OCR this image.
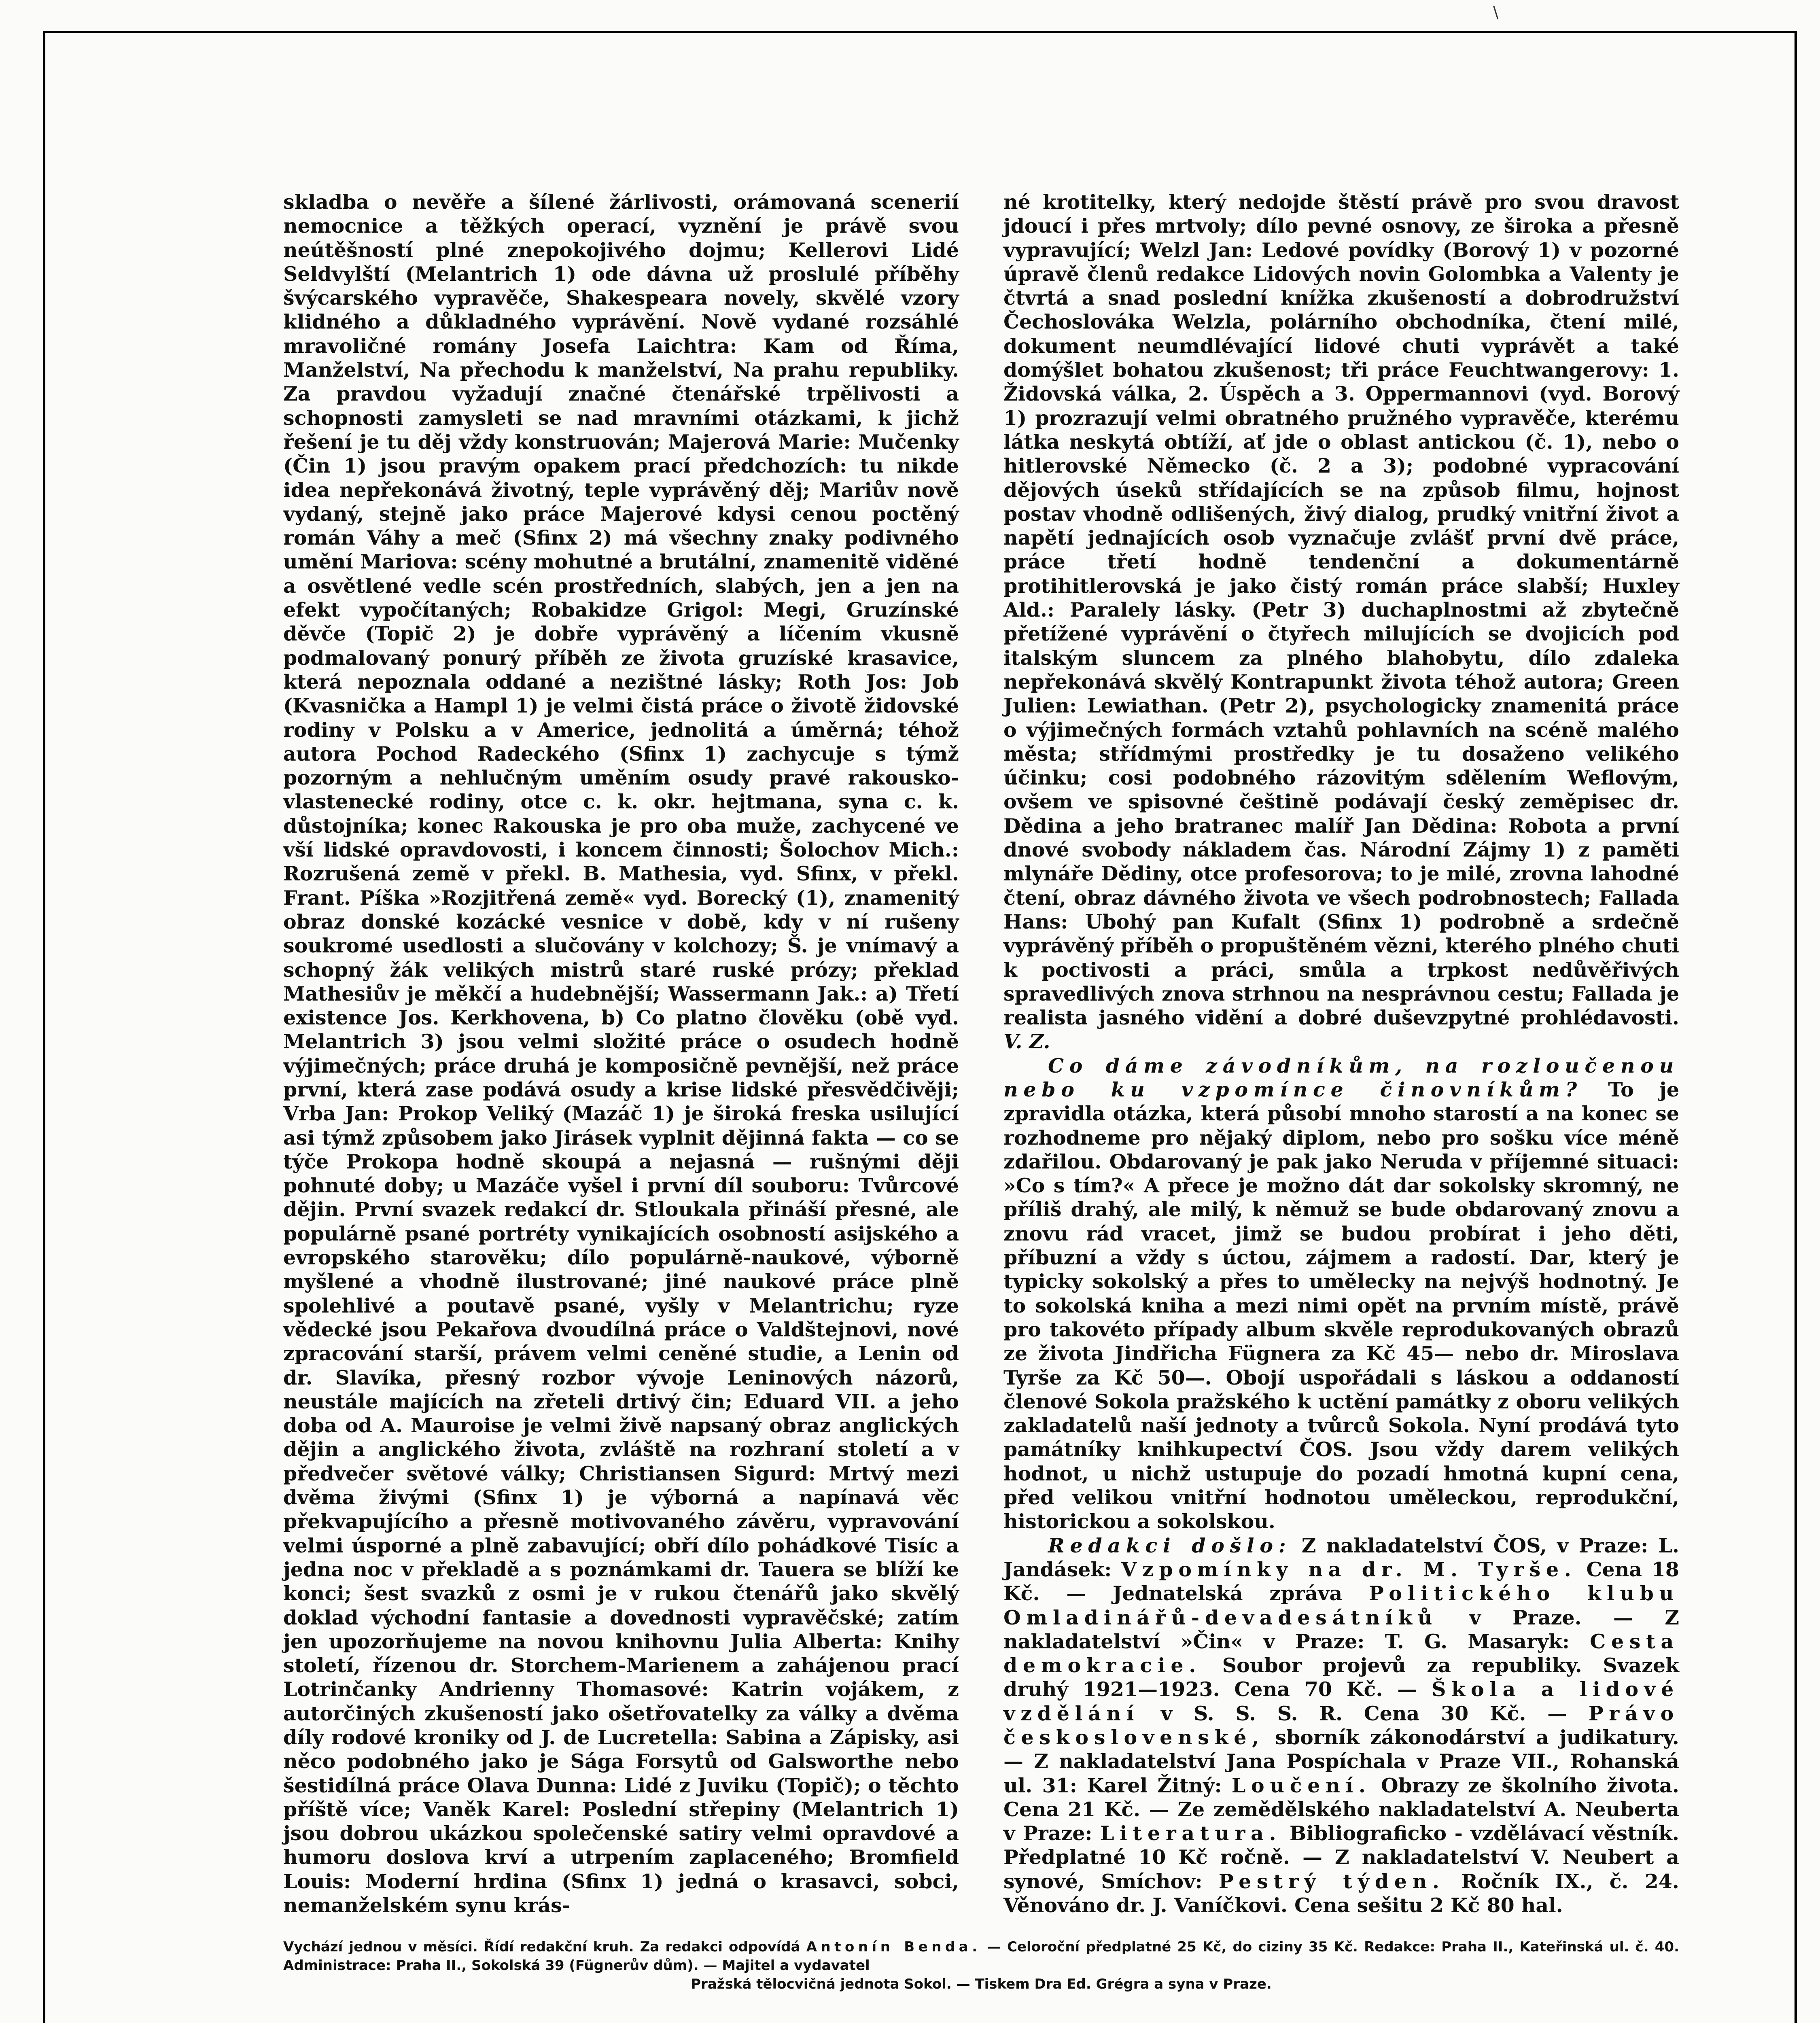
\

skladba o nevěře a šílené žárlivosti, orámovaná scenerií nemocnice a těžkých operací, vyznění je právě svou neútěšností plné znepokojivého dojmu; Kellerovi Lidé Seldvylští (Melantrich 1) ode dávna už proslulé příběhy švýcarského vypravěče, Shakespeara novely, skvělé vzory klidného a důkladného vyprávění. Nově vydané rozsáhlé mravoličné romány Josefa Laichtra: Kam od Říma, Manželství, Na přechodu k manželství, Na prahu republiky. Za pravdou vyžadují značné čtenářské trpělivosti a schopnosti zamysleti se nad mravními otázkami, k jichž řešení je tu děj vždy konstruován; Majerová Marie: Mučenky (Čin 1) jsou pravým opakem prací předchozích: tu nikde idea nepřekonává životný, teple vyprávěný děj; Mariův nově vydaný, stejně jako práce Majerové kdysi cenou poctěný román Váhy a meč (Sfinx 2) má všechny znaky podivného umění Mariova: scény mohutné a brutální, znamenitě viděné a osvětlené vedle scén prostředních, slabých, jen a jen na efekt vypočítaných; Robakidze Grigol: Megi, Gruzínské děvče (Topič 2) je dobře vyprávěný a líčením vkusně podmalovaný ponurý příběh ze života gruzíské krasavice, která nepoznala oddané a nezištné lásky; Roth Jos: Job (Kvasnička a Hampl 1) je velmi čistá práce o životě židovské rodiny v Polsku a v Americe, jednolitá a úměrná; téhož autora Pochod Radeckého (Sfinx 1) zachycuje s týmž pozorným a nehlučným uměním osudy pravé rakousko-vlastenecké rodiny, otce c. k. okr. hejtmana, syna c. k. důstojníka; konec Rakouska je pro oba muže, zachycené ve vší lidské opravdovosti, i koncem činnosti; Šolochov Mich.: Rozrušená země v překl. B. Mathesia, vyd. Sfinx, v překl. Frant. Píška »Rozjitřená země« vyd. Borecký (1), znamenitý obraz donské kozácké vesnice v době, kdy v ní rušeny soukromé usedlosti a slučovány v kolchozy; Š. je vnímavý a schopný žák velikých mistrů staré ruské prózy; překlad Mathesiův je měkčí a hudebnější; Wassermann Jak.: a) Třetí existence Jos. Kerkhovena, b) Co platno člověku (obě vyd. Melantrich 3) jsou velmi složité práce o osudech hodně výjimečných; práce druhá je komposičně pevnější, než práce první, která zase podává osudy a krise lidské přesvědčivěji; Vrba Jan: Prokop Veliký (Mazáč 1) je široká freska usilující asi týmž způsobem jako Jirásek vyplnit dějinná fakta — co se týče Prokopa hodně skoupá a nejasná — rušnými ději pohnuté doby; u Mazáče vyšel i první díl souboru: Tvůrcové dějin. První svazek redakcí dr. Stloukala přináší přesné, ale populárně psané portréty vynikajících osobností asijského a evropského starověku; dílo populárně-naukové, výborně myšlené a vhodně ilustrované; jiné naukové práce plně spolehlivé a poutavě psané, vyšly v Melantrichu; ryze vědecké jsou Pekařova dvoudílná práce o Valdštejnovi, nové zpracování starší, právem velmi ceněné studie, a Lenin od dr. Slavíka, přesný rozbor vývoje Leninových názorů, neustále majících na zřeteli drtivý čin; Eduard VII. a jeho doba od A. Mauroise je velmi živě napsaný obraz anglických dějin a anglického života, zvláště na rozhraní století a v předvečer světové války; Christiansen Sigurd: Mrtvý mezi dvěma živými (Sfinx 1) je výborná a napínavá věc překvapujícího a přesně motivovaného závěru, vypravování velmi úsporné a plně zabavující; obří dílo pohádkové Tisíc a jedna noc v překladě a s poznámkami dr. Tauera se blíží ke konci; šest svazků z osmi je v rukou čtenářů jako skvělý doklad východní fantasie a dovednosti vypravěčské; zatím jen upozorňujeme na novou knihovnu Julia Alberta: Knihy století, řízenou dr. Storchem-Marienem a zahájenou prací Lotrinčanky Andrienny Thomasové: Katrin vojákem, z autorčiných zkušeností jako ošetřovatelky za války a dvěma díly rodové kroniky od J. de Lucretella: Sabina a Zápisky, asi něco podobného jako je Sága Forsytů od Galsworthe nebo šestidílná práce Olava Dunna: Lidé z Juviku (Topič); o těchto příště více; Vaněk Karel: Poslední střepiny (Melantrich 1) jsou dobrou ukázkou společenské satiry velmi opravdové a humoru doslova krví a utrpením zaplaceného; Bromfield Louis: Moderní hrdina (Sfinx 1) jedná o krasavci, sobci, nemanželském synu krás-

né krotitelky, který nedojde štěstí právě pro svou dravost jdoucí i přes mrtvoly; dílo pevné osnovy, ze široka a přesně vypravující; Welzl Jan: Ledové povídky (Borový 1) v pozorné úpravě členů redakce Lidových novin Golombka a Valenty je čtvrtá a snad poslední knížka zkušeností a dobrodružství Čechoslováka Welzla, polárního obchodníka, čtení milé, dokument neumdlévající lidové chuti vyprávět a také domýšlet bohatou zkušenost; tři práce Feuchtwangerovy: 1. Židovská válka, 2. Úspěch a 3. Oppermannovi (vyd. Borový 1) prozrazují velmi obratného pružného vypravěče, kterému látka neskytá obtíží, ať jde o oblast antickou (č. 1), nebo o hitlerovské Německo (č. 2 a 3); podobné vypracování dějových úseků střídajících se na způsob filmu, hojnost postav vhodně odlišených, živý dialog, prudký vnitřní život a napětí jednajících osob vyznačuje zvlášť první dvě práce, práce třetí hodně tendenční a dokumentárně protihitlerovská je jako čistý román práce slabší; Huxley Ald.: Paralely lásky. (Petr 3) duchaplnostmi až zbytečně přetížené vyprávění o čtyřech milujících se dvojicích pod italským sluncem za plného blahobytu, dílo zdaleka nepřekonává skvělý Kontrapunkt života téhož autora; Green Julien: Lewiathan. (Petr 2), psychologicky znamenitá práce o výjimečných formách vztahů pohlavních na scéně malého města; střídmými prostředky je tu dosaženo velikého účinku; cosi podobného rázovitým sdělením Weflovým, ovšem ve spisovné češtině podávají český zeměpisec dr. Dědina a jeho bratranec malíř Jan Dědina: Robota a první dnové svobody nákladem čas. Národní Zájmy 1) z paměti mlynáře Dědiny, otce profesorova; to je milé, zrovna lahodné čtení, obraz dávného života ve všech podrobnostech; Fallada Hans: Ubohý pan Kufalt (Sfinx 1) podrobně a srdečně vyprávěný příběh o propuštěném vězni, kterého plného chuti k poctivosti a práci, smůla a trpkost nedůvěřivých spravedlivých znova strhnou na nesprávnou cestu; Fallada je realista jasného vidění a dobré duševzpytné prohlédavosti. V. Z.

Co dáme závodníkům, na rozloučenou nebo ku vzpomínce činovníkům? To je zpravidla otázka, která působí mnoho starostí a na konec se rozhodneme pro nějaký diplom, nebo pro sošku více méně zdařilou. Obdarovaný je pak jako Neruda v příjemné situaci: »Co s tím?« A přece je možno dát dar sokolsky skromný, ne příliš drahý, ale milý, k němuž se bude obdarovaný znovu a znovu rád vracet, jimž se budou probírat i jeho děti, příbuzní a vždy s úctou, zájmem a radostí. Dar, který je typicky sokolský a přes to umělecky na nejvýš hodnotný. Je to sokolská kniha a mezi nimi opět na prvním místě, právě pro takovéto případy album skvěle reprodukovaných obrazů ze života Jindřicha Fügnera za Kč 45— nebo dr. Miroslava Tyrše za Kč 50—. Obojí uspořádali s láskou a oddaností členové Sokola pražského k uctění památky z oboru velikých zakladatelů naší jednoty a tvůrců Sokola. Nyní prodává tyto památníky knihkupectví ČOS. Jsou vždy darem velikých hodnot, u nichž ustupuje do pozadí hmotná kupní cena, před velikou vnitřní hodnotou uměleckou, reprodukční, historickou a sokolskou.

Redakci došlo: Z nakladatelství ČOS, v Praze: L. Jandásek: Vzpomínky na dr. M. Tyrše. Cena 18 Kč. — Jednatelská zpráva Politického klubu Omladinářů-devadesátníků v Praze. — Z nakladatelství »Čin« v Praze: T. G. Masaryk: Cesta demokracie. Soubor projevů za republiky. Svazek druhý 1921—1923. Cena 70 Kč. — Škola a lidové vzdělání v S. S. S. R. Cena 30 Kč. — Právo československé, sborník zákonodárství a judikatury. — Z nakladatelství Jana Pospíchala v Praze VII., Rohanská ul. 31: Karel Žitný: Loučení. Obrazy ze školního života. Cena 21 Kč. — Ze zemědělského nakladatelství A. Neuberta v Praze: Literatura. Bibliograficko - vzdělávací věstník. Předplatné 10 Kč ročně. — Z nakladatelství V. Neubert a synové, Smíchov: Pestrý týden. Ročník IX., č. 24. Věnováno dr. J. Vaníčkovi. Cena sešitu 2 Kč 80 hal.

Vychází jednou v měsíci. Řídí redakční kruh. Za redakci odpovídá Antonín Benda. — Celoroční předplatné 25 Kč, do ciziny 35 Kč. Redakce: Praha II., Kateřinská ul. č. 40. Administrace: Praha II., Sokolská 39 (Fügnerův dům). — Majitel a vydavatel
Pražská tělocvičná jednota Sokol. — Tiskem Dra Ed. Grégra a syna v Praze.
